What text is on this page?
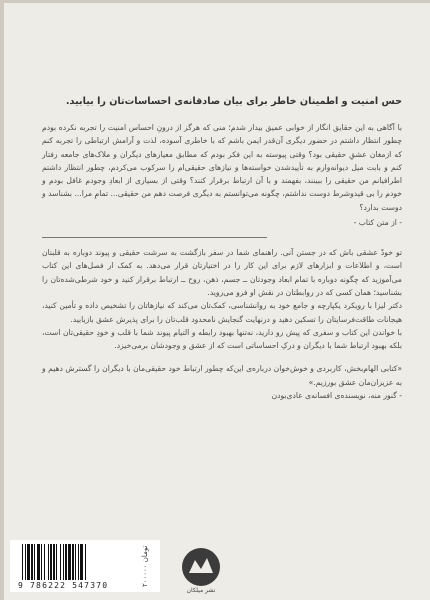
حس امنیت و اطمینان خاطر برای بیان صادقانه‌ی احساسات‌تان را بیابید.

با آگاهی به این حقایق انگار از خوابی عمیق بیدار شدم؛ منی که هرگز از درونِ احساس امنیت را تجربه نکرده بودم چطور انتظار داشتم در حضور دیگری آن‌قدر ایمن باشم که با خاطری آسوده، لذت و آرامش ارتباطی را تجربه کنم که ازمغان عشقِ حقیقی بود؟ وقتی پیوسته به این فکر بودم که مطابق معیارهای دیگران و ملاک‌های جامعه رفتار کنم و بابت میل دیوانه‌وارم به تأییدشدن خواسته‌ها و نیازهای حقیقی‌ام را سرکوب می‌کردم، چطور انتظار داشتم اطرافیانم من حقیقی را ببینند، بفهمند و با آن ارتباط برقرار کنند؟ وقتی از بسیاری از ابعادِ وجودم غافل بودم و خودم را بی قیدوشرط دوست نداشتم، چگونه می‌توانستم به دیگری فرصت دهم من حقیقی... تمامِ مرا... بشناسد و دوست بدارد؟

- از متن کتاب -

تو خودْ عشقی باش که در جستن آنی. راهنمای شما در سفر بازگشت به سرشت حقیقی و پیوند دوباره به قلبتان است، و اطلاعات و ابزارهای لازم برای این کار را در اختیارتان قرار می‌دهد. به کمک ار فصل‌های این کتاب می‌آموزید که چگونه دوباره با تمام ابعاد وجودتان ــ جسم، ذهن، روح ــ ارتباط برقرار کنید و خود شرطی‌شده‌تان را بشناسید؛ همان کسی که در روابطتان در نقش او فرو می‌روید.

دکتر لیزا با رویکرد یکپارچه و جامع خود به روانشناسی، کمک‌تان می‌کند که نیازهاتان را تشخیص داده و تأمین کنید، هیجانات طاقت‌فرسایتان را تسکین دهید و درنهایت گنجایش نامحدود قلب‌تان را برای پذیرش عشق بازیابید.

با خواندن این کتاب و سفری که پیش رو دارید، نه‌تنها بهبود رابطه و التیام پیوند شما با قلب و خودِ حقیقی‌تان است، بلکه بهبود ارتباط شما با دیگران و درکِ احساساتی است که از عشق و وجودشان برمی‌خیزد.

«کتابی الهام‌بخش، کاربردی و خوش‌خوان درباره‌ی این‌که چطور ارتباط خود حقیقی‌مان با دیگران را گسترش دهیم و به عزیزان‌مان عشق بورزیم.»

- گنور منه، نویسنده‌ی افسانه‌ی عادی‌بودن

9 786222 547370	۲۰۰۰۰۰ تومان
نشر میلکان
